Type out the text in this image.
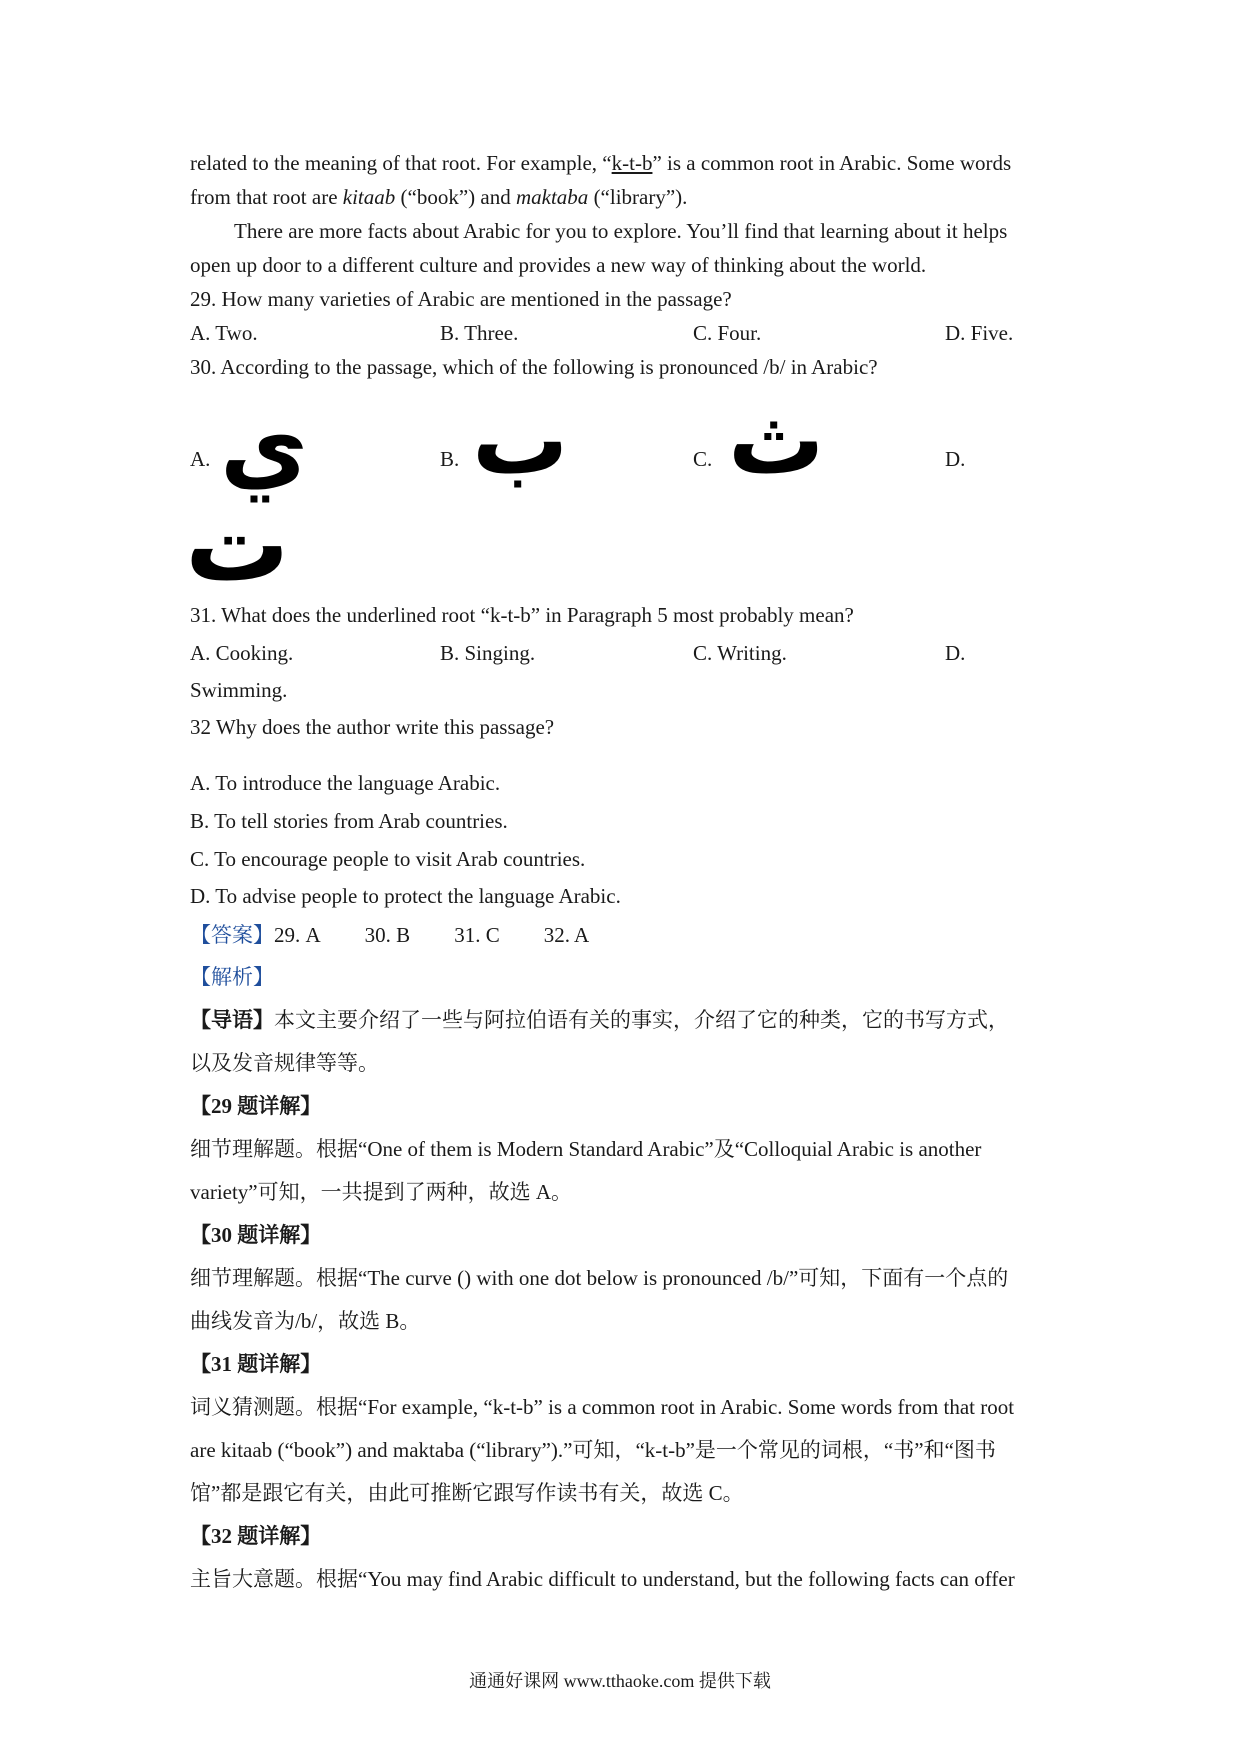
related to the meaning of that root. For example, “k-t-b” is a common root in Arabic. Some words
from that root are kitaab (“book”) and maktaba (“library”).
There are more facts about Arabic for you to explore. You’ll find that learning about it helps
open up door to a different culture and provides a new way of thinking about the world.
29. How many varieties of Arabic are mentioned in the passage?
A. Two.	B. Three.	C. Four.	D. Five.
30. According to the passage, which of the following is pronounced /b/ in Arabic?
A.	B.	C.	D.
ي ب ث
ت
31. What does the underlined root “k-t-b” in Paragraph 5 most probably mean?
A. Cooking.	B. Singing.	C. Writing.	D.
Swimming.
32 Why does the author write this passage?
A. To introduce the language Arabic.
B. To tell stories from Arab countries.
C. To encourage people to visit Arab countries.
D. To advise people to protect the language Arabic.
【答案】29. A 30. B 31. C 32. A
【解析】
【导语】本文主要介绍了一些与阿拉伯语有关的事实，介绍了它的种类，它的书写方式，
以及发音规律等等。
【29 题详解】
细节理解题。根据“One of them is Modern Standard Arabic”及“Colloquial Arabic is another
variety”可知，一共提到了两种，故选 A。
【30 题详解】
细节理解题。根据“The curve () with one dot below is pronounced /b/”可知，下面有一个点的
曲线发音为/b/，故选 B。
【31 题详解】
词义猜测题。根据“For example, “k-t-b” is a common root in Arabic. Some words from that root
are kitaab (“book”) and maktaba (“library”).”可知，“k-t-b”是一个常见的词根，“书”和“图书
馆”都是跟它有关，由此可推断它跟写作读书有关，故选 C。
【32 题详解】
主旨大意题。根据“You may find Arabic difficult to understand, but the following facts can offer
通通好课网 www.tthaoke.com 提供下载
